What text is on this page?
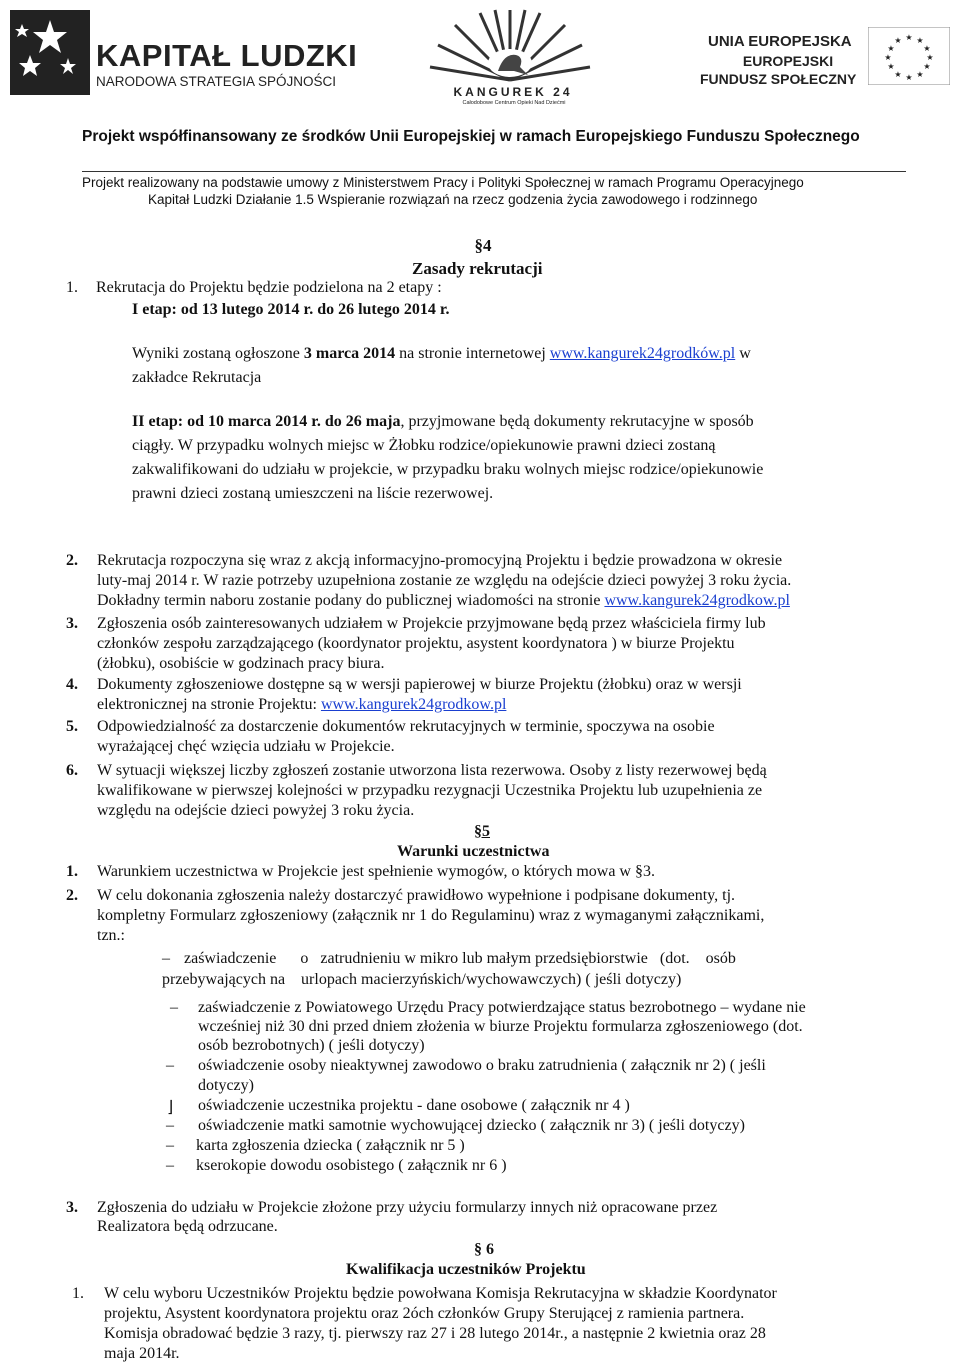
KAPITAŁ LUDZKI
NARODOWA STRATEGIA SPÓJNOŚCI
KANGUREK 24
Całodobowe Centrum Opieki Nad Dziećmi
UNIA EUROPEJSKA
EUROPEJSKI
FUNDUSZ SPOŁECZNY
★ ★
★
★
★
★
★
★
★
★
★
★
Projekt współfinansowany ze środków Unii Europejskiej w ramach Europejskiego Funduszu Społecznego
Projekt realizowany na podstawie umowy z Ministerstwem Pracy i Polityki Społecznej w ramach Programu Operacyjnego
Kapitał Ludzki Działanie 1.5 Wspieranie rozwiązań na rzecz godzenia życia zawodowego i rodzinnego
§4
Zasady rekrutacji
1. Rekrutacja do Projektu będzie podzielona na 2 etapy :
I etap: od 13 lutego 2014 r. do 26 lutego 2014 r.
Wyniki zostaną ogłoszone 3 marca 2014 na stronie internetowej www.kangurek24grodków.pl w
zakładce Rekrutacja
II etap: od 10 marca 2014 r. do 26 maja, przyjmowane będą dokumenty rekrutacyjne w sposób
ciągły. W przypadku wolnych miejsc w Żłobku rodzice/opiekunowie prawni dzieci zostaną
zakwalifikowani do udziału w projekcie, w przypadku braku wolnych miejsc rodzice/opiekunowie
prawni dzieci zostaną umieszczeni na liście rezerwowej.
2. Rekrutacja rozpoczyna się wraz z akcją informacyjno-promocyjną Projektu i będzie prowadzona w okresie
luty-maj 2014 r. W razie potrzeby uzupełniona zostanie ze względu na odejście dzieci powyżej 3 roku życia.
Dokładny termin naboru zostanie podany do publicznej wiadomości na stronie www.kangurek24grodkow.pl
3. Zgłoszenia osób zainteresowanych udziałem w Projekcie przyjmowane będą przez właściciela firmy lub
członków zespołu zarządzającego (koordynator projektu, asystent koordynatora ) w biurze Projektu
(żłobku), osobiście w godzinach pracy biura.
4. Dokumenty zgłoszeniowe dostępne są w wersji papierowej w biurze Projektu (żłobku) oraz w wersji
elektronicznej na stronie Projektu: www.kangurek24grodkow.pl
5. Odpowiedzialność za dostarczenie dokumentów rekrutacyjnych w terminie, spoczywa na osobie
wyrażającej chęć wzięcia udziału w Projekcie.
6. W sytuacji większej liczby zgłoszeń zostanie utworzona lista rezerwowa. Osoby z listy rezerwowej będą
kwalifikowane w pierwszej kolejności w przypadku rezygnacji Uczestnika Projektu lub uzupełnienia ze
względu na odejście dzieci powyżej 3 roku życia.
§5
Warunki uczestnictwa
1. Warunkiem uczestnictwa w Projekcie jest spełnienie wymogów, o których mowa w §3.
2. W celu dokonania zgłoszenia należy dostarczyć prawidłowo wypełnione i podpisane dokumenty, tj.
kompletny Formularz zgłoszeniowy (załącznik nr 1 do Regulaminu) wraz z wymaganymi załącznikami,
tzn.:
– zaświadczenie      o   zatrudnieniu w mikro lub małym przedsiębiorstwie   (dot.    osób
przebywających na    urlopach macierzyńskich/wychowawczych) ( jeśli dotyczy)
– zaświadczenie z Powiatowego Urzędu Pracy potwierdzające status bezrobotnego – wydane nie
wcześniej niż 30 dni przed dniem złożenia w biurze Projektu formularza zgłoszeniowego (dot.
osób bezrobotnych) ( jeśli dotyczy)
– oświadczenie osoby nieaktywnej zawodowo o braku zatrudnienia ( załącznik nr 2) ( jeśli
dotyczy)
⌋ oświadczenie uczestnika projektu - dane osobowe ( załącznik nr 4 )
– oświadczenie matki samotnie wychowującej dziecko ( załącznik nr 3) ( jeśli dotyczy)
– karta zgłoszenia dziecka ( załącznik nr 5 )
– kserokopie dowodu osobistego ( załącznik nr 6 )
3. Zgłoszenia do udziału w Projekcie złożone przy użyciu formularzy innych niż opracowane przez
Realizatora będą odrzucane.
§ 6
Kwalifikacja uczestników Projektu
1. W celu wyboru Uczestników Projektu będzie powołwana Komisja Rekrutacyjna w składzie Koordynator
projektu, Asystent koordynatora projektu oraz 2óch członków Grupy Sterującej z ramienia partnera.
Komisja obradować będzie 3 razy, tj. pierwszy raz 27 i 28 lutego 2014r., a następnie 2 kwietnia oraz 28
maja 2014r.
